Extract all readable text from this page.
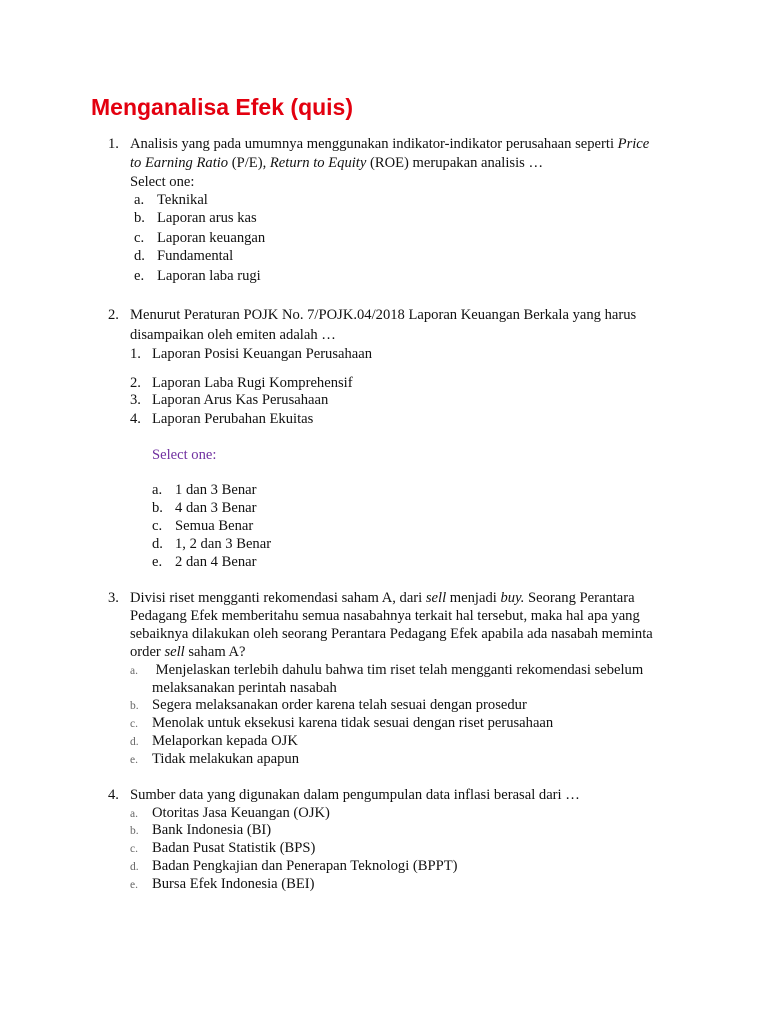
Menganalisa Efek (quis)
1. Analisis yang pada umumnya menggunakan indikator-indikator perusahaan seperti Price
to Earning Ratio (P/E), Return to Equity (ROE) merupakan analisis …
Select one:
a. Teknikal
b. Laporan arus kas
c. Laporan keuangan
d. Fundamental
e. Laporan laba rugi
2. Menurut Peraturan POJK No. 7/POJK.04/2018 Laporan Keuangan Berkala yang harus
disampaikan oleh emiten adalah …
1. Laporan Posisi Keuangan Perusahaan
2. Laporan Laba Rugi Komprehensif
3. Laporan Arus Kas Perusahaan
4. Laporan Perubahan Ekuitas
Select one:
a. 1 dan 3 Benar
b. 4 dan 3 Benar
c. Semua Benar
d. 1, 2 dan 3 Benar
e. 2 dan 4 Benar
3. Divisi riset mengganti rekomendasi saham A, dari sell menjadi buy. Seorang Perantara
Pedagang Efek memberitahu semua nasabahnya terkait hal tersebut, maka hal apa yang
sebaiknya dilakukan oleh seorang Perantara Pedagang Efek apabila ada nasabah meminta
order sell saham A?
a. Menjelaskan terlebih dahulu bahwa tim riset telah mengganti rekomendasi sebelum
melaksanakan perintah nasabah
b. Segera melaksanakan order karena telah sesuai dengan prosedur
c. Menolak untuk eksekusi karena tidak sesuai dengan riset perusahaan
d. Melaporkan kepada OJK
e. Tidak melakukan apapun
4. Sumber data yang digunakan dalam pengumpulan data inflasi berasal dari …
a. Otoritas Jasa Keuangan (OJK)
b. Bank Indonesia (BI)
c. Badan Pusat Statistik (BPS)
d. Badan Pengkajian dan Penerapan Teknologi (BPPT)
e. Bursa Efek Indonesia (BEI)
